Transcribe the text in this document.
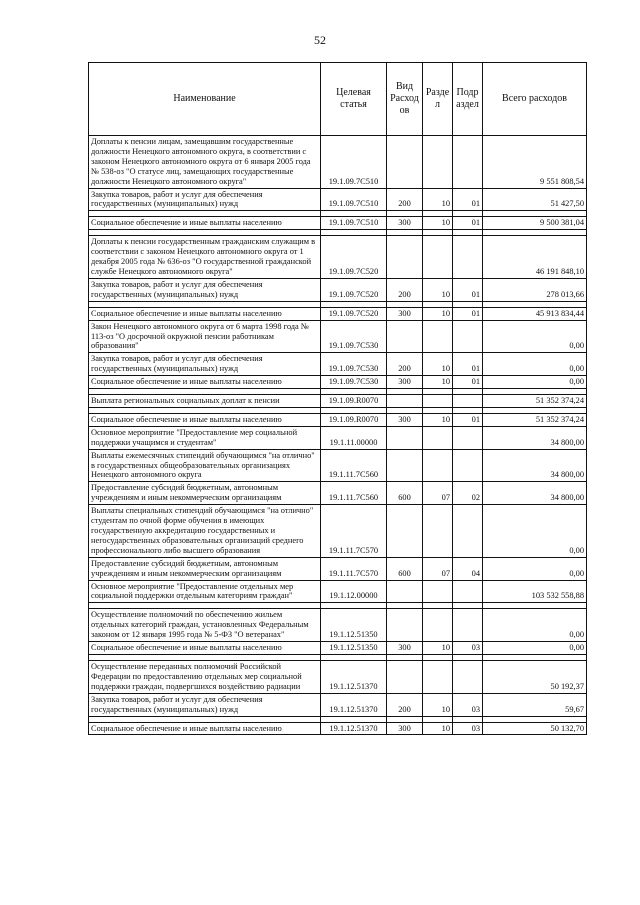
52
Наименование	Целевая статья	Вид Расход ов	Разде л	Подр аздел	Всего расходов
Доплаты к пенсии лицам, замещавшим государственные должности Ненецкого автономного округа, в соответствии с законом Ненецкого автономного округа от 6 января 2005 года № 538-оз "О статусе лиц, замещающих государственные должности Ненецкого автономного округа"	19.1.09.7С510				9 551 808,54
Закупка товаров, работ и услуг для обеспечения государственных (муниципальных) нужд	19.1.09.7С510	200	10	01	51 427,50

Социальное обеспечение и иные выплаты населению	19.1.09.7С510	300	10	01	9 500 381,04

Доплаты к пенсии государственным гражданским служащим в соответствии с законом Ненецкого автономного округа от 1 декабря 2005 года № 636-оз "О государственной гражданской службе Ненецкого автономного округа"	19.1.09.7С520				46 191 848,10
Закупка товаров, работ и услуг для обеспечения государственных (муниципальных) нужд	19.1.09.7С520	200	10	01	278 013,66

Социальное обеспечение и иные выплаты населению	19.1.09.7С520	300	10	01	45 913 834,44
Закон Ненецкого автономного округа от 6 марта 1998 года № 113-оз "О досрочной окружной пенсии работникам образования"	19.1.09.7С530				0,00
Закупка товаров, работ и услуг для обеспечения государственных (муниципальных) нужд	19.1.09.7С530	200	10	01	0,00
Социальное обеспечение и иные выплаты населению	19.1.09.7С530	300	10	01	0,00

Выплата региональных социальных доплат к пенсии	19.1.09.R0070				51 352 374,24

Социальное обеспечение и иные выплаты населению	19.1.09.R0070	300	10	01	51 352 374,24
Основное мероприятие "Предоставление мер социальной поддержки учащимся и студентам"	19.1.11.00000				34 800,00
Выплаты ежемесячных стипендий обучающимся "на отлично" в государственных общеобразовательных организациях Ненецкого автономного округа	19.1.11.7С560				34 800,00
Предоставление субсидий бюджетным, автономным учреждениям и иным некоммерческим организациям	19.1.11.7С560	600	07	02	34 800,00
Выплаты специальных стипендий обучающимся "на отлично" студентам по очной форме обучения в имеющих государственную аккредитацию государственных и негосударственных образовательных организаций среднего профессионального либо высшего образования	19.1.11.7С570				0,00
Предоставление субсидий бюджетным, автономным учреждениям и иным некоммерческим организациям	19.1.11.7С570	600	07	04	0,00
Основное мероприятие "Предоставление отдельных мер социальной поддержки отдельным категориям граждан"	19.1.12.00000				103 532 558,88

Осуществление полномочий по обеспечению жильем отдельных категорий граждан, установленных Федеральным законом от 12 января 1995 года № 5-ФЗ "О ветеранах"	19.1.12.51350				0,00
Социальное обеспечение и иные выплаты населению	19.1.12.51350	300	10	03	0,00

Осуществление переданных полномочий Российской Федерации по предоставлению отдельных мер социальной поддержки граждан, подвергшихся воздействию радиации	19.1.12.51370				50 192,37
Закупка товаров, работ и услуг для обеспечения государственных (муниципальных) нужд	19.1.12.51370	200	10	03	59,67

Социальное обеспечение и иные выплаты населению	19.1.12.51370	300	10	03	50 132,70
